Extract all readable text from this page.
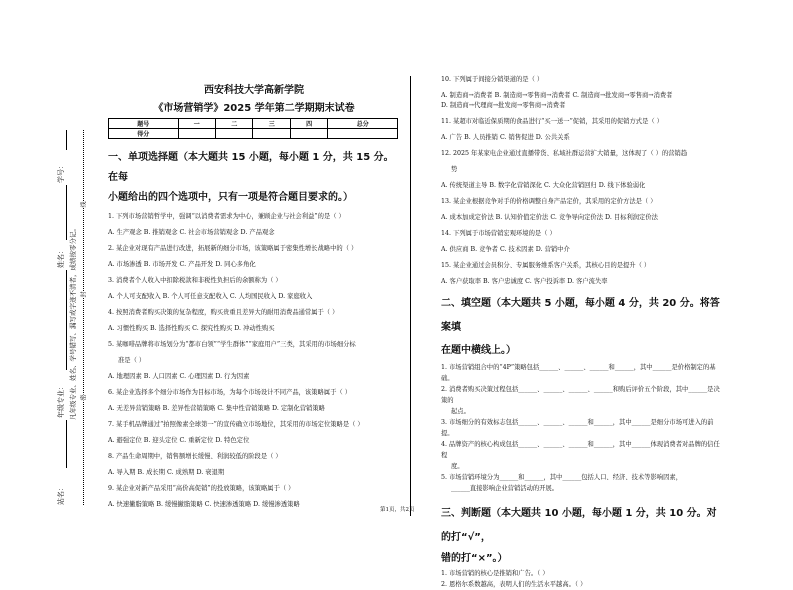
学号：
姓名：
年级专业：
站名：
凡年级专业、姓名、学号错写、漏写或字迹不清者，成绩按零分记。
线
封
密
西安科技大学高新学院
《市场营销学》2025 学年第二学期期末试卷
题号	一	二	三	四	总分
得分					
一、单项选择题（本大题共 15 小题，每小题 1 分，共 15 分。在每
小题给出的四个选项中，只有一项是符合题目要求的。）
1. 下列市场营销哲学中，强调“以消费者需求为中心，兼顾企业与社会利益”的是（ ）
A. 生产观念 B. 推销观念 C. 社会市场营销观念 D. 产品观念
2. 某企业对现有产品进行改进，拓展新的细分市场，该策略属于密集性增长战略中的（ ）
A. 市场渗透 B. 市场开发 C. 产品开发 D. 同心多角化
3. 消费者个人收入中扣除税款和非税性负担后的余额称为（ ）
A. 个人可支配收入 B. 个人可任意支配收入 C. 人均国民收入 D. 家庭收入
4. 按照消费者购买决策的复杂程度，购买贵重且差异大的耐用消费品通常属于（ ）
A. 习惯性购买 B. 选择性购买 C. 探究性购买 D. 冲动性购买
5. 某咖啡品牌将市场划分为“都市白领”“学生群体”“家庭用户”三类，其采用的市场细分标
准是（ ）
A. 地理因素 B. 人口因素 C. 心理因素 D. 行为因素
6. 某企业选择多个细分市场作为目标市场，为每个市场设计不同产品，该策略属于（ ）
A. 无差异营销策略 B. 差异性营销策略 C. 集中性营销策略 D. 定制化营销策略
7. 某手机品牌通过“拍照像素全球第一”的宣传确立市场地位，其采用的市场定位策略是（ ）
A. 避强定位 B. 迎头定位 C. 重新定位 D. 特色定位
8. 产品生命周期中，销售额增长缓慢、利润较低的阶段是（ ）
A. 导入期 B. 成长期 C. 成熟期 D. 衰退期
9. 某企业对新产品采用“高价高促销”的投放策略，该策略属于（ ）
A. 快速撇脂策略 B. 缓慢撇脂策略 C. 快速渗透策略 D. 缓慢渗透策略
10. 下列属于间接分销渠道的是（ ）
A. 制造商→消费者 B. 制造商→零售商→消费者 C. 制造商→批发商→零售商→消费者
D. 制造商→代理商→批发商→零售商→消费者
11. 某超市对临近保质期的食品进行“买一送一”促销，其采用的促销方式是（ ）
A. 广告 B. 人员推销 C. 销售促进 D. 公共关系
12. 2025 年某家电企业通过直播带货、私域社群运营扩大销量，这体现了（ ）的营销趋
势
A. 传统渠道主导 B. 数字化营销深化 C. 大众化营销回归 D. 线下体验弱化
13. 某企业根据竞争对手的价格调整自身产品定价，其采用的定价方法是（ ）
A. 成本加成定价法 B. 认知价值定价法 C. 竞争导向定价法 D. 目标利润定价法
14. 下列属于市场营销宏观环境的是（ ）
A. 供应商 B. 竞争者 C. 技术因素 D. 营销中介
15. 某企业通过会员积分、专属服务维系客户关系，其核心目的是提升（ ）
A. 客户获取率 B. 客户忠诚度 C. 客户投诉率 D. 客户流失率
二、填空题（本大题共 5 小题，每小题 4 分，共 20 分。将答案填
在题中横线上。）
1. 市场营销组合中的“4P”策略包括______、______、______和______，其中______是价格制定的基础。
2. 消费者购买决策过程包括______、______、______、______和购后评价五个阶段，其中______是决策的
起点。
3. 市场细分的有效标志包括______、______、______和______，其中______是细分市场可进入的前提。
4. 品牌资产的核心构成包括______、______、______和______，其中______体现消费者对品牌的信任程
度。
5. 市场营销环境分为______和______，其中______包括人口、经济、技术等影响因素，
______直接影响企业营销活动的开展。
三、判断题（本大题共 10 小题，每小题 1 分，共 10 分。对的打“√”，
错的打“×”。）
1. 市场营销的核心是推销和广告。（ ）
2. 恩格尔系数越高，表明人们的生活水平越高。（ ）
第1页，共2页
